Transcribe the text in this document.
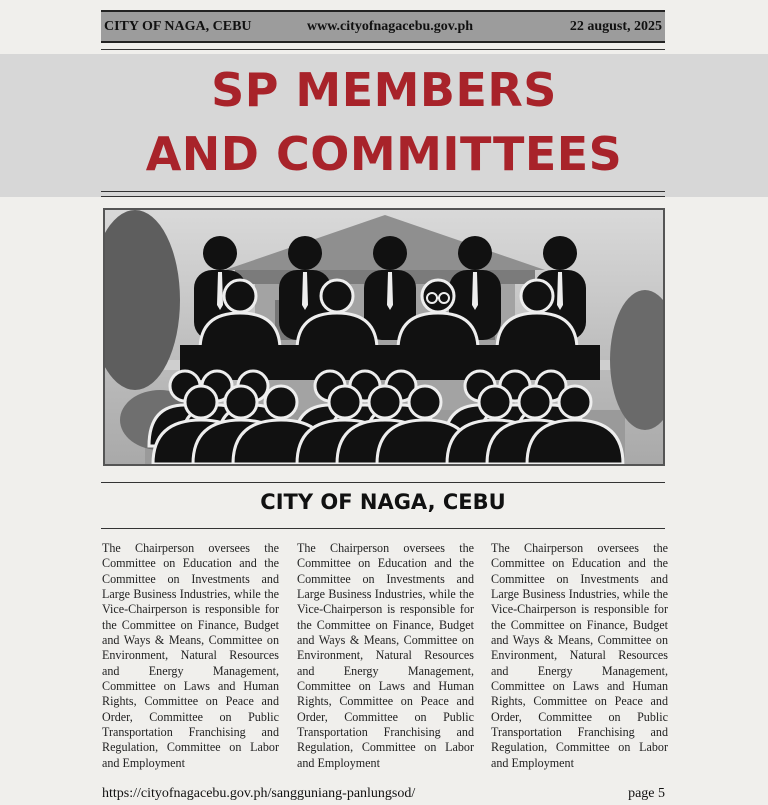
CITY OF NAGA, CEBU	www.cityofnagacebu.gov.ph	22 august, 2025
SP MEMBERS
AND COMMITTEES
CITY OF NAGA, CEBU
The Chairperson oversees the Committee on Education and the Committee on Investments and Large Business Industries, while the Vice-Chairperson is responsible for the Committee on Finance, Budget and Ways & Means, Committee on Environment, Natural Resources and Energy Management, Committee on Laws and Human Rights, Committee on Peace and Order, Committee on Public Transportation Franchising and Regulation, Committee on Labor and Employment
The Chairperson oversees the Committee on Education and the Committee on Investments and Large Business Industries, while the Vice-Chairperson is responsible for the Committee on Finance, Budget and Ways & Means, Committee on Environment, Natural Resources and Energy Management, Committee on Laws and Human Rights, Committee on Peace and Order, Committee on Public Transportation Franchising and Regulation, Committee on Labor and Employment
The Chairperson oversees the Committee on Education and the Committee on Investments and Large Business Industries, while the Vice-Chairperson is responsible for the Committee on Finance, Budget and Ways & Means, Committee on Environment, Natural Resources and Energy Management, Committee on Laws and Human Rights, Committee on Peace and Order, Committee on Public Transportation Franchising and Regulation, Committee on Labor and Employment
https://cityofnagacebu.gov.ph/sangguniang-panlungsod/	page 5
